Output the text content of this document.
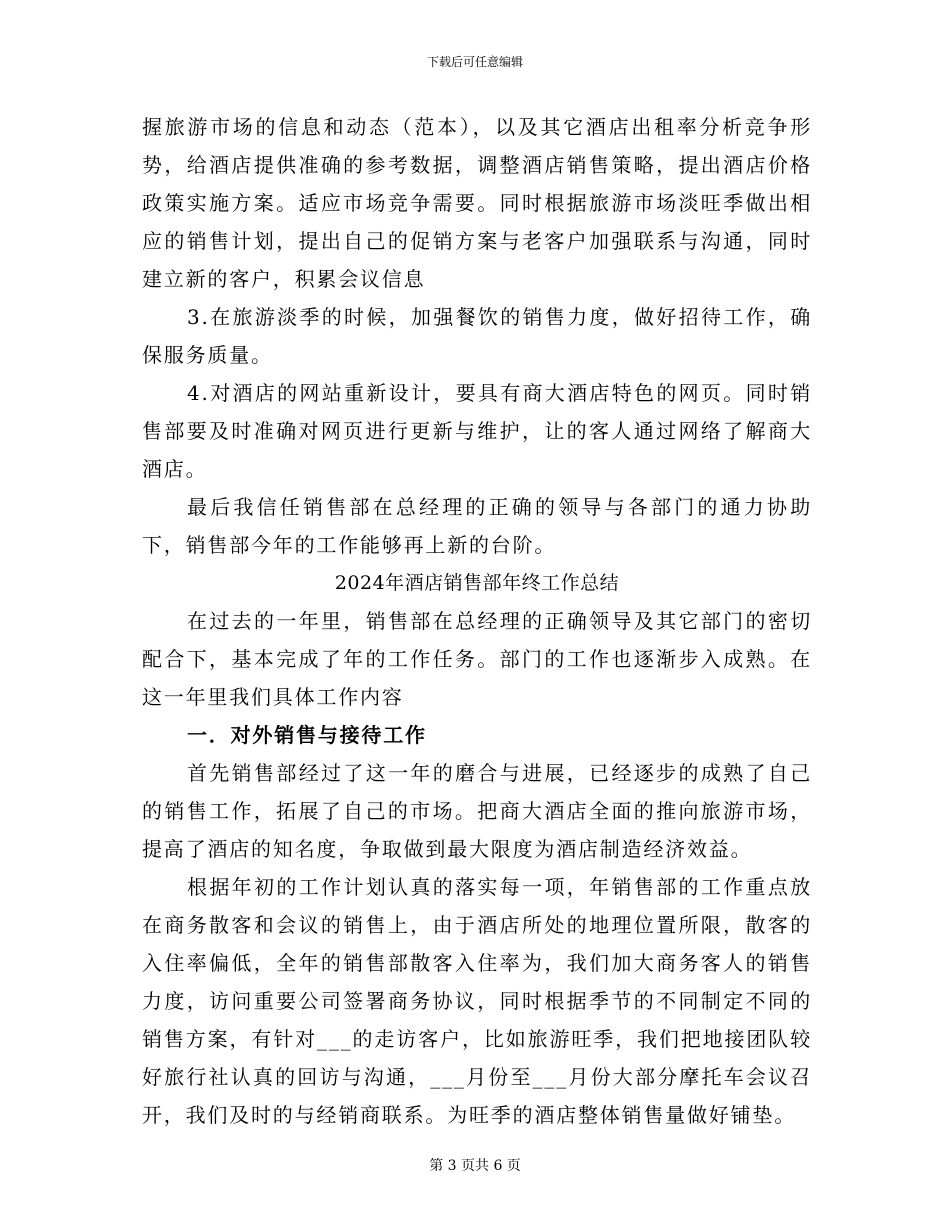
下载后可任意编辑

握旅游市场的信息和动态（范本），以及其它酒店出租率分析竞争形势，给酒店提供准确的参考数据，调整酒店销售策略，提出酒店价格政策实施方案。适应市场竞争需要。同时根据旅游市场淡旺季做出相应的销售计划，提出自己的促销方案与老客户加强联系与沟通，同时建立新的客户，积累会议信息

3.在旅游淡季的时候，加强餐饮的销售力度，做好招待工作，确保服务质量。

4.对酒店的网站重新设计，要具有商大酒店特色的网页。同时销售部要及时准确对网页进行更新与维护，让的客人通过网络了解商大酒店。

最后我信任销售部在总经理的正确的领导与各部门的通力协助下，销售部今年的工作能够再上新的台阶。

2024年酒店销售部年终工作总结

在过去的一年里，销售部在总经理的正确领导及其它部门的密切配合下，基本完成了年的工作任务。部门的工作也逐渐步入成熟。在这一年里我们具体工作内容

一．对外销售与接待工作

首先销售部经过了这一年的磨合与进展，已经逐步的成熟了自己的销售工作，拓展了自己的市场。把商大酒店全面的推向旅游市场，提高了酒店的知名度，争取做到最大限度为酒店制造经济效益。

根据年初的工作计划认真的落实每一项，年销售部的工作重点放在商务散客和会议的销售上，由于酒店所处的地理位置所限，散客的入住率偏低，全年的销售部散客入住率为，我们加大商务客人的销售力度，访问重要公司签署商务协议，同时根据季节的不同制定不同的销售方案，有针对___的走访客户，比如旅游旺季，我们把地接团队较好旅行社认真的回访与沟通，___月份至___月份大部分摩托车会议召开，我们及时的与经销商联系。为旺季的酒店整体销售量做好铺垫。

第 3 页共 6 页
